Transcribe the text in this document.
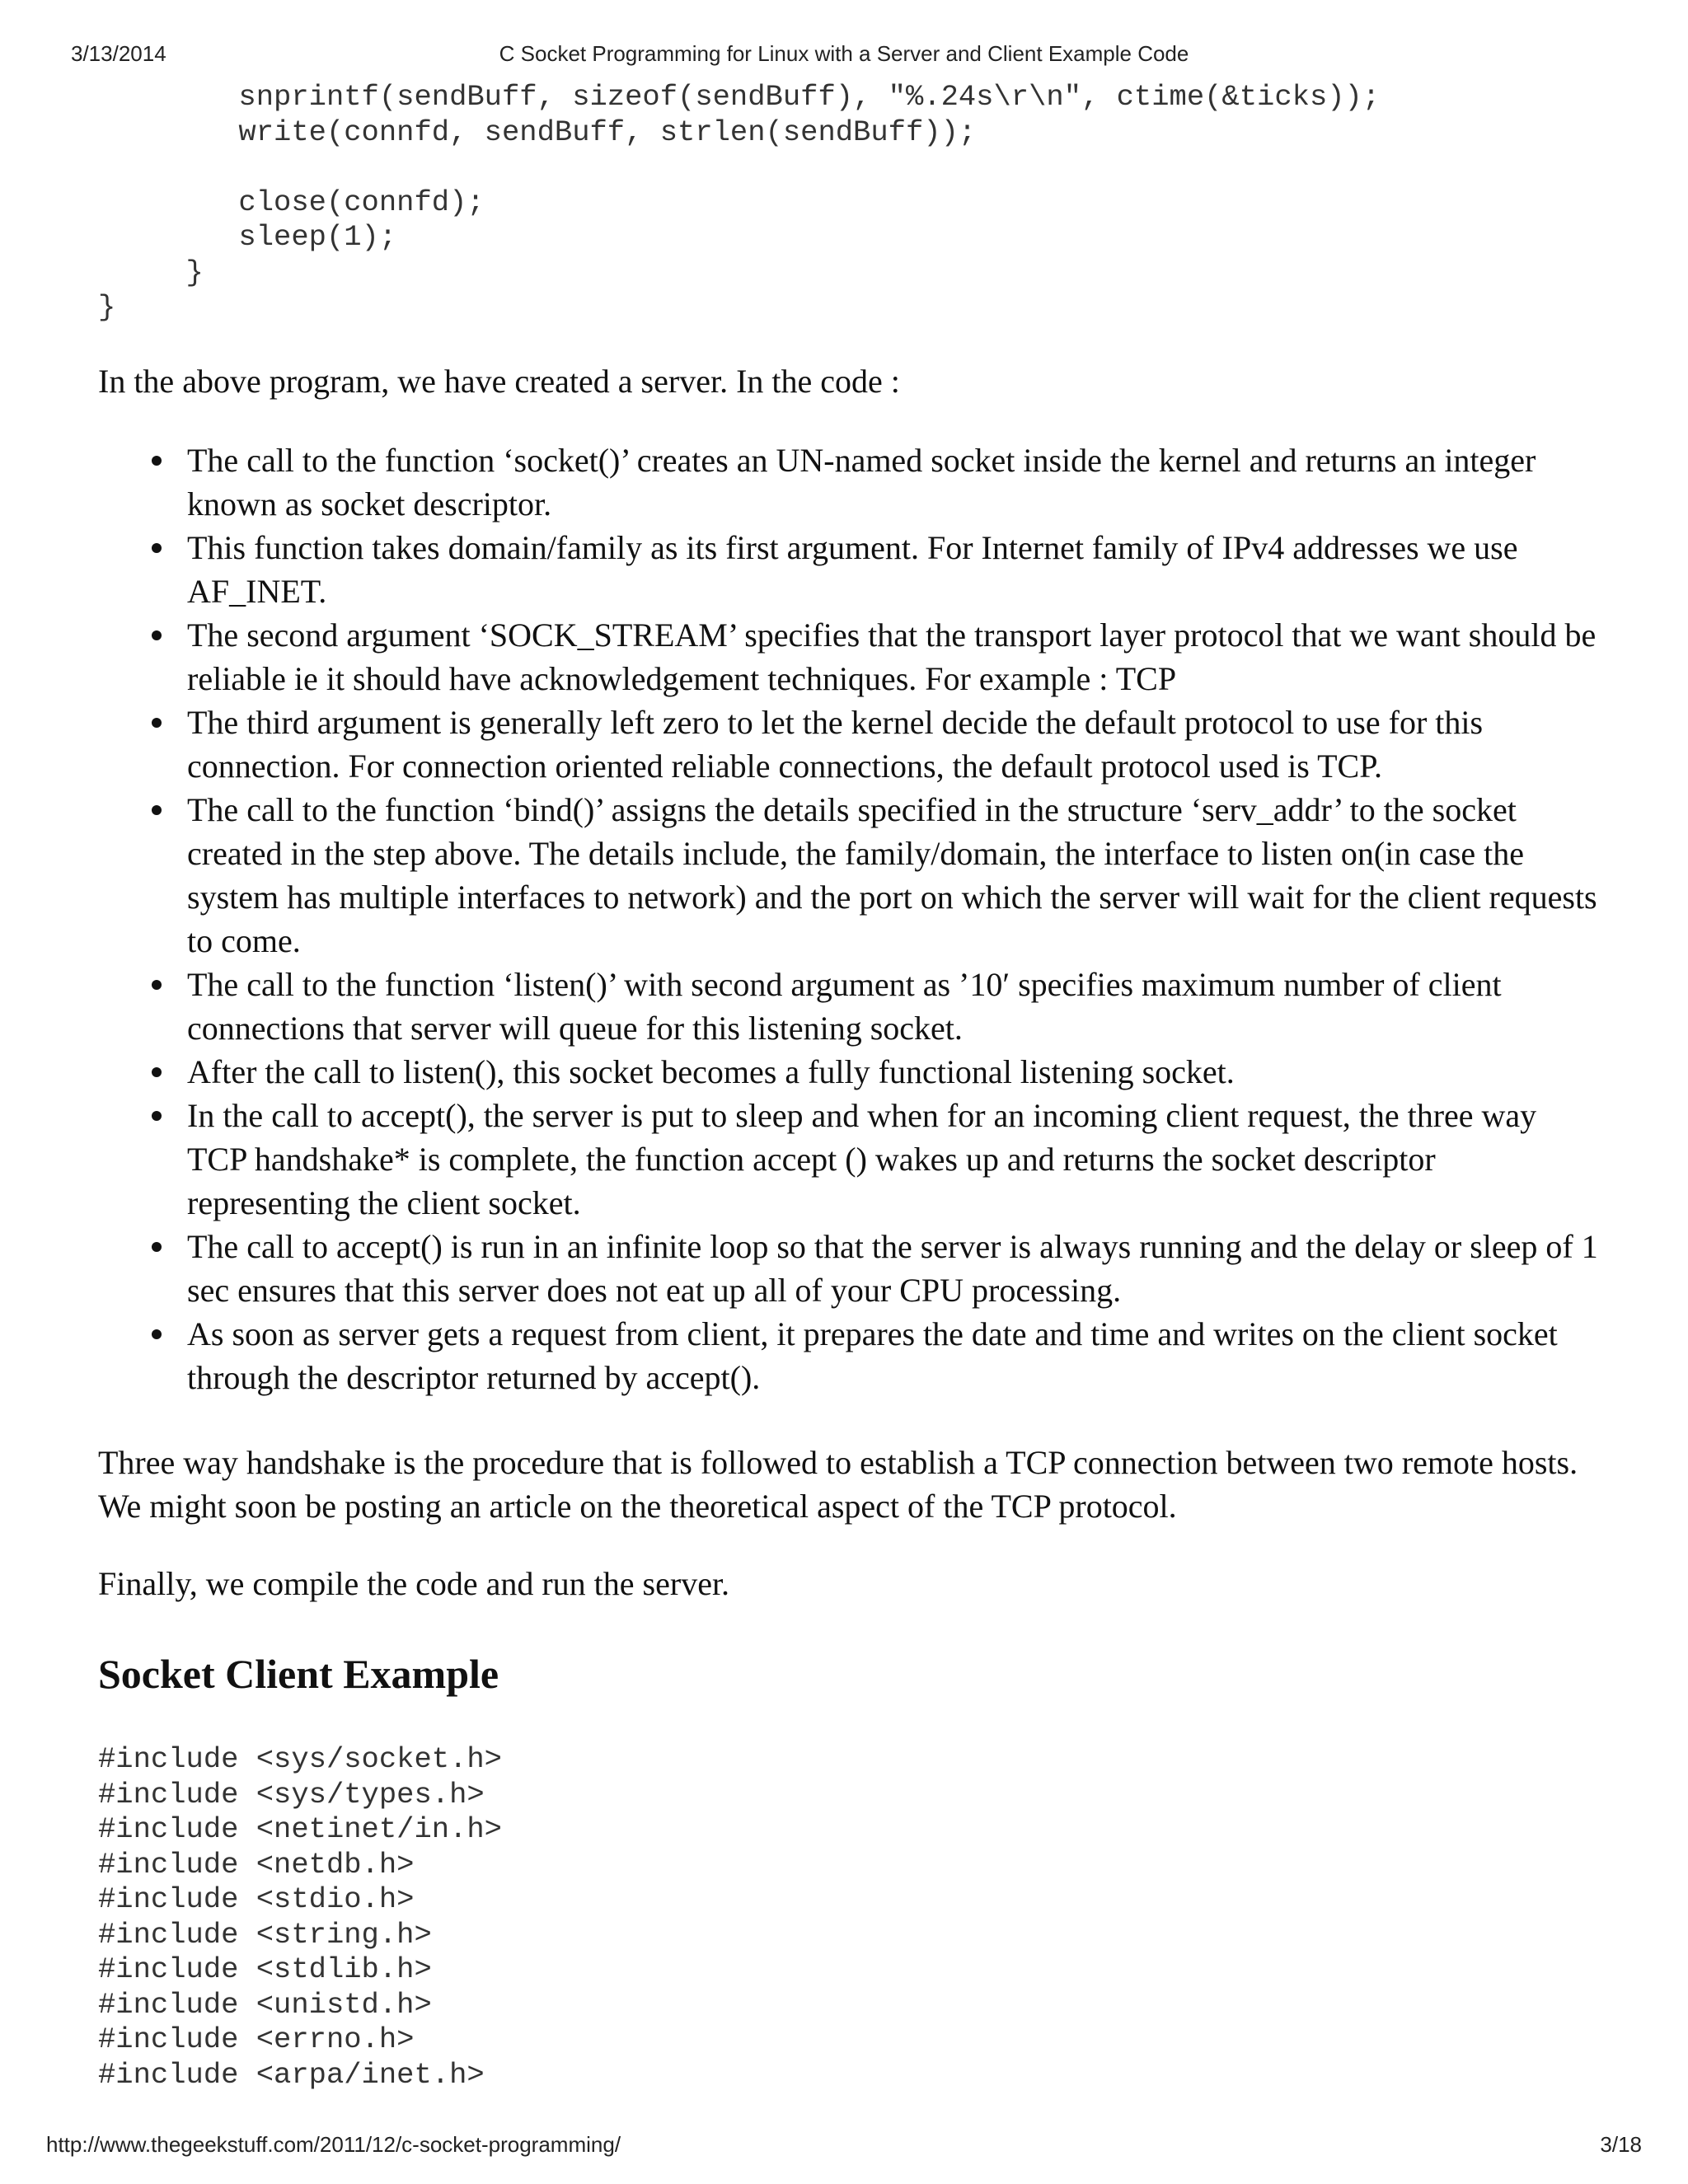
3/13/2014	C Socket Programming for Linux with a Server and Client Example Code
snprintf(sendBuff, sizeof(sendBuff), "%.24s\r\n", ctime(&ticks));
write(connfd, sendBuff, strlen(sendBuff));

close(connfd);
sleep(1);
}
}

In the above program, we have created a server. In the code :

The call to the function ‘socket()’ creates an UN-named socket inside the kernel and returns an integer known as socket descriptor.
This function takes domain/family as its first argument. For Internet family of IPv4 addresses we use AF_INET.
The second argument ‘SOCK_STREAM’ specifies that the transport layer protocol that we want should be reliable ie it should have acknowledgement techniques. For example : TCP
The third argument is generally left zero to let the kernel decide the default protocol to use for this connection. For connection oriented reliable connections, the default protocol used is TCP.
The call to the function ‘bind()’ assigns the details specified in the structure ‘serv_addr’ to the socket created in the step above. The details include, the family/domain, the interface to listen on(in case the system has multiple interfaces to network) and the port on which the server will wait for the client requests to come.
The call to the function ‘listen()’ with second argument as ’10′ specifies maximum number of client connections that server will queue for this listening socket.
After the call to listen(), this socket becomes a fully functional listening socket.
In the call to accept(), the server is put to sleep and when for an incoming client request, the three way TCP handshake* is complete, the function accept () wakes up and returns the socket descriptor representing the client socket.
The call to accept() is run in an infinite loop so that the server is always running and the delay or sleep of 1 sec ensures that this server does not eat up all of your CPU processing.
As soon as server gets a request from client, it prepares the date and time and writes on the client socket through the descriptor returned by accept().

Three way handshake is the procedure that is followed to establish a TCP connection between two remote hosts. We might soon be posting an article on the theoretical aspect of the TCP protocol.

Finally, we compile the code and run the server.

Socket Client Example
#include <sys/socket.h>
#include <sys/types.h>
#include <netinet/in.h>
#include <netdb.h>
#include <stdio.h>
#include <string.h>
#include <stdlib.h>
#include <unistd.h>
#include <errno.h>
#include <arpa/inet.h>
http://www.thegeekstuff.com/2011/12/c-socket-programming/	3/18
